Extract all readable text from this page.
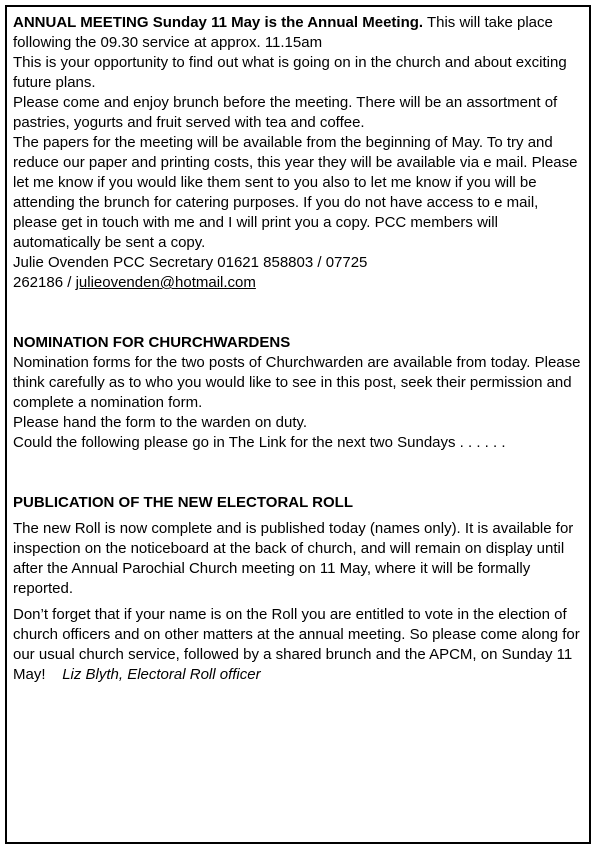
ANNUAL MEETING Sunday 11 May is the Annual Meeting. This will take place following the 09.30 service at approx. 11.15am

This is your opportunity to find out what is going on in the church and about exciting future plans.

Please come and enjoy brunch before the meeting. There will be an assortment of pastries, yogurts and fruit served with tea and coffee.

The papers for the meeting will be available from the beginning of May. To try and reduce our paper and printing costs, this year they will be available via e mail. Please let me know if you would like them sent to you also to let me know if you will be attending the brunch for catering purposes. If you do not have access to e mail, please get in touch with me and I will print you a copy. PCC members will automatically be sent a copy.

Julie Ovenden PCC Secretary 01621 858803 / 07725

262186 / julieovenden@hotmail.com

NOMINATION FOR CHURCHWARDENS

Nomination forms for the two posts of Churchwarden are available from today. Please think carefully as to who you would like to see in this post, seek their permission and complete a nomination form.

Please hand the form to the warden on duty.

Could the following please go in The Link for the next two Sundays . . . . . .

PUBLICATION OF THE NEW ELECTORAL ROLL

The new Roll is now complete and is published today (names only). It is available for inspection on the noticeboard at the back of church, and will remain on display until after the Annual Parochial Church meeting on 11 May, where it will be formally reported.

Don’t forget that if your name is on the Roll you are entitled to vote in the election of church officers and on other matters at the annual meeting. So please come along for our usual church service, followed by a shared brunch and the APCM, on Sunday 11 May! Liz Blyth, Electoral Roll officer
